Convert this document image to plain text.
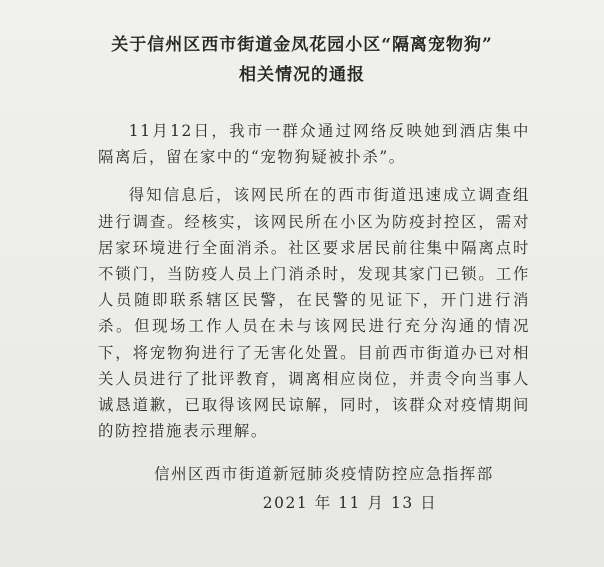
关于信州区西市街道金凤花园小区“隔离宠物狗”
相关情况的通报

11月12日，我市一群众通过网络反映她到酒店集中隔离后，留在家中的“宠物狗疑被扑杀”。

得知信息后，该网民所在的西市街道迅速成立调查组进行调查。经核实，该网民所在小区为防疫封控区，需对居家环境进行全面消杀。社区要求居民前往集中隔离点时不锁门，当防疫人员上门消杀时，发现其家门已锁。工作人员随即联系辖区民警，在民警的见证下，开门进行消杀。但现场工作人员在未与该网民进行充分沟通的情况下，将宠物狗进行了无害化处置。目前西市街道办已对相关人员进行了批评教育，调离相应岗位，并责令向当事人诚恳道歉，已取得该网民谅解，同时，该群众对疫情期间的防控措施表示理解。

信州区西市街道新冠肺炎疫情防控应急指挥部
2021 年 11 月 13 日
